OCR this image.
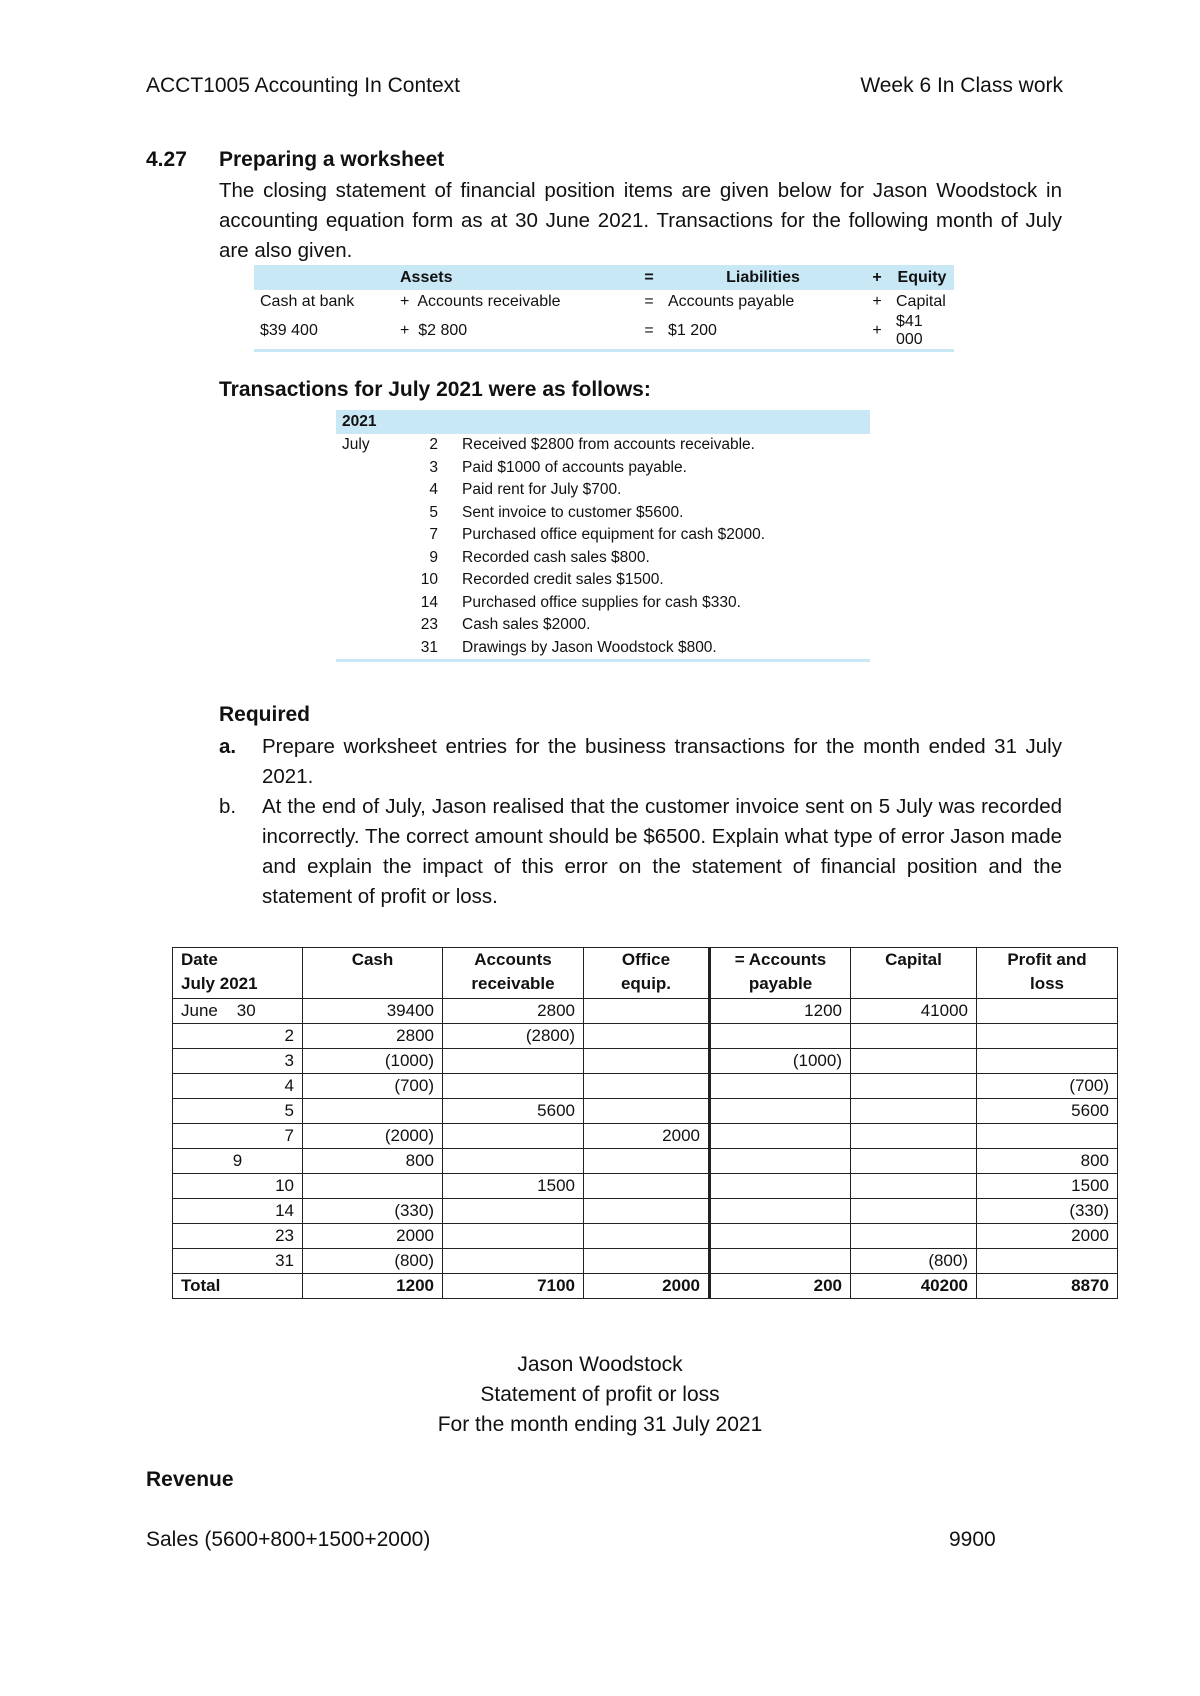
ACCT1005 Accounting In Context	Week 6 In Class work
4.27 Preparing a worksheet
The closing statement of financial position items are given below for Jason Woodstock in accounting equation form as at 30 June 2021. Transactions for the following month of July are also given.
	Assets	=	Liabilities	+	Equity
Cash at bank	+ Accounts receivable	=	Accounts payable	+	Capital
$39 400	+ $2 800	=	$1 200	+	$41 000
Transactions for July 2021 were as follows:
2021		
July	2	Received $2800 from accounts receivable.
	3	Paid $1000 of accounts payable.
	4	Paid rent for July $700.
	5	Sent invoice to customer $5600.
	7	Purchased office equipment for cash $2000.
	9	Recorded cash sales $800.
	10	Recorded credit sales $1500.
	14	Purchased office supplies for cash $330.
	23	Cash sales $2000.
	31	Drawings by Jason Woodstock $800.
Required
a. Prepare worksheet entries for the business transactions for the month ended 31 July 2021.
b. At the end of July, Jason realised that the customer invoice sent on 5 July was recorded incorrectly. The correct amount should be $6500. Explain what type of error Jason made and explain the impact of this error on the statement of financial position and the statement of profit or loss.
Date
July 2021	Cash	Accounts
receivable	Office
equip.	= Accounts
payable	Capital	Profit and
loss
June    30	39400	2800		1200	41000	
2	2800	(2800)				
3	(1000)			(1000)		
4	(700)					(700)
5		5600				5600
7	(2000)		2000			
9	800					800
10		1500				1500
14	(330)					(330)
23	2000					2000
31	(800)				(800)	
Total	1200	7100	2000	200	40200	8870
Jason Woodstock
Statement of profit or loss
For the month ending 31 July 2021
Revenue
Sales (5600+800+1500+2000)	9900
